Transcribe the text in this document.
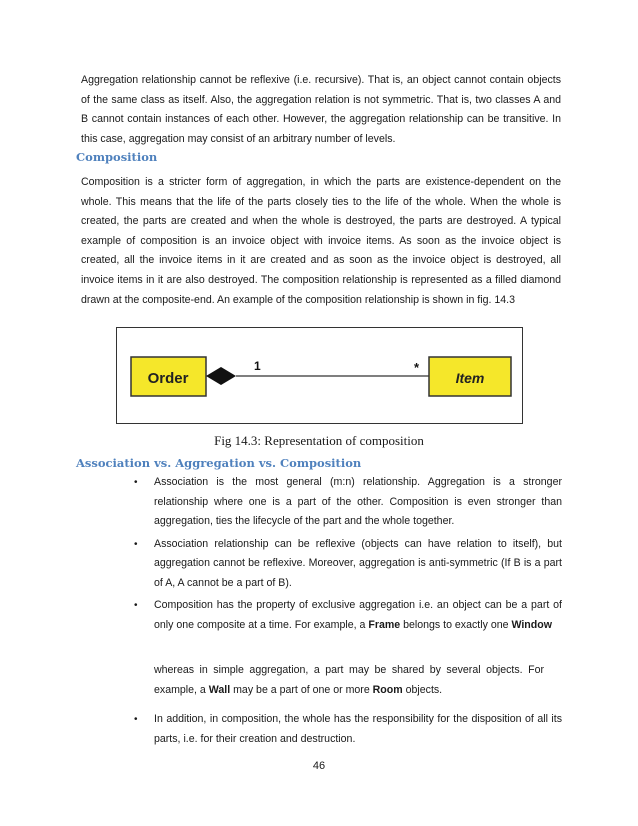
Aggregation relationship cannot be reflexive (i.e. recursive). That is, an object cannot contain objects of the same class as itself. Also, the aggregation relation is not symmetric. That is, two classes A and B cannot contain instances of each other. However, the aggregation relationship can be transitive. In this case, aggregation may consist of an arbitrary number of levels.

Composition

Composition is a stricter form of aggregation, in which the parts are existence-dependent on the whole. This means that the life of the parts closely ties to the life of the whole. When the whole is created, the parts are created and when the whole is destroyed, the parts are destroyed. A typical example of composition is an invoice object with invoice items. As soon as the invoice object is created, all the invoice items in it are created and as soon as the invoice object is destroyed, all invoice items in it are also destroyed. The composition relationship is represented as a filled diamond drawn at the composite-end. An example of the composition relationship is shown in fig. 14.3

Order
1	*
Item

Fig 14.3: Representation of composition

Association vs. Aggregation vs. Composition
• Association is the most general (m:n) relationship. Aggregation is a stronger relationship where one is a part of the other. Composition is even stronger than aggregation, ties the lifecycle of the part and the whole together.
• Association relationship can be reflexive (objects can have relation to itself), but aggregation cannot be reflexive. Moreover, aggregation is anti-symmetric (If B is a part of A, A cannot be a part of B).
• Composition has the property of exclusive aggregation i.e. an object can be a part of only one composite at a time. For example, a Frame belongs to exactly one Window
whereas in simple aggregation, a part may be shared by several objects. For example, a Wall may be a part of one or more Room objects.
• In addition, in composition, the whole has the responsibility for the disposition of all its parts, i.e. for their creation and destruction.
46
